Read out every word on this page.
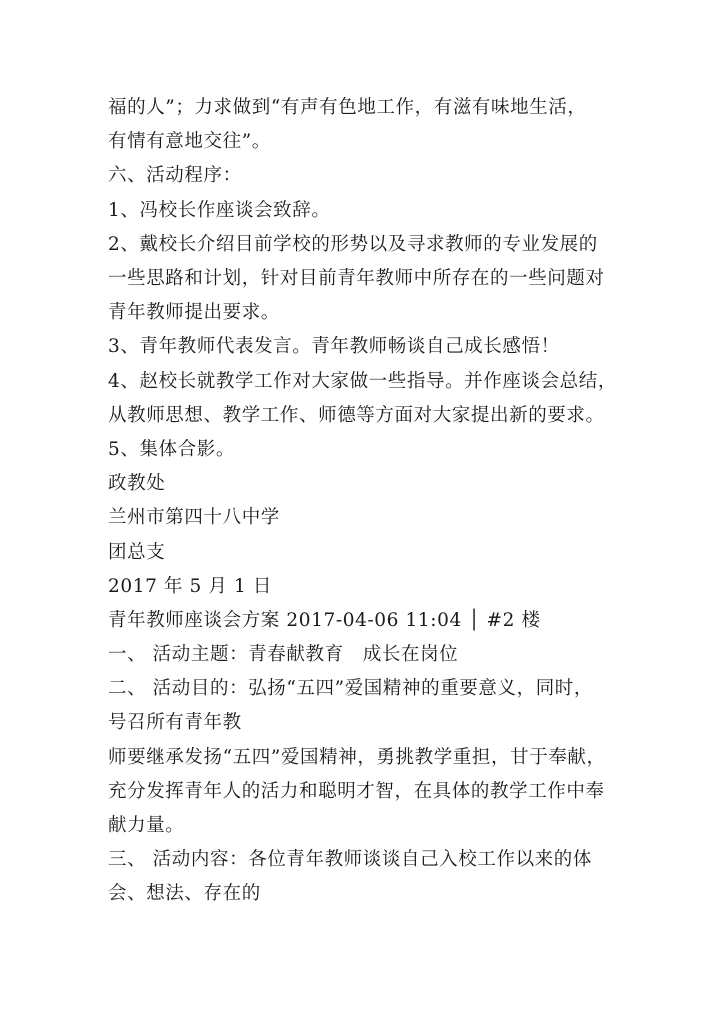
福的人”；力求做到“有声有色地工作，有滋有味地生活，
有情有意地交往”。
六、活动程序：
1、冯校长作座谈会致辞。
2、戴校长介绍目前学校的形势以及寻求教师的专业发展的
一些思路和计划，针对目前青年教师中所存在的一些问题对
青年教师提出要求。
3、青年教师代表发言。青年教师畅谈自己成长感悟！
4、赵校长就教学工作对大家做一些指导。并作座谈会总结，
从教师思想、教学工作、师德等方面对大家提出新的要求。
5、集体合影。
政教处
兰州市第四十八中学
团总支
2017 年 5 月 1 日
青年教师座谈会方案 2017-04-06 11:04 │ #2 楼
一、 活动主题：青春献教育　成长在岗位
二、 活动目的：弘扬“五四”爱国精神的重要意义，同时，
号召所有青年教
师要继承发扬“五四”爱国精神，勇挑教学重担，甘于奉献，
充分发挥青年人的活力和聪明才智，在具体的教学工作中奉
献力量。
三、 活动内容：各位青年教师谈谈自己入校工作以来的体
会、想法、存在的
